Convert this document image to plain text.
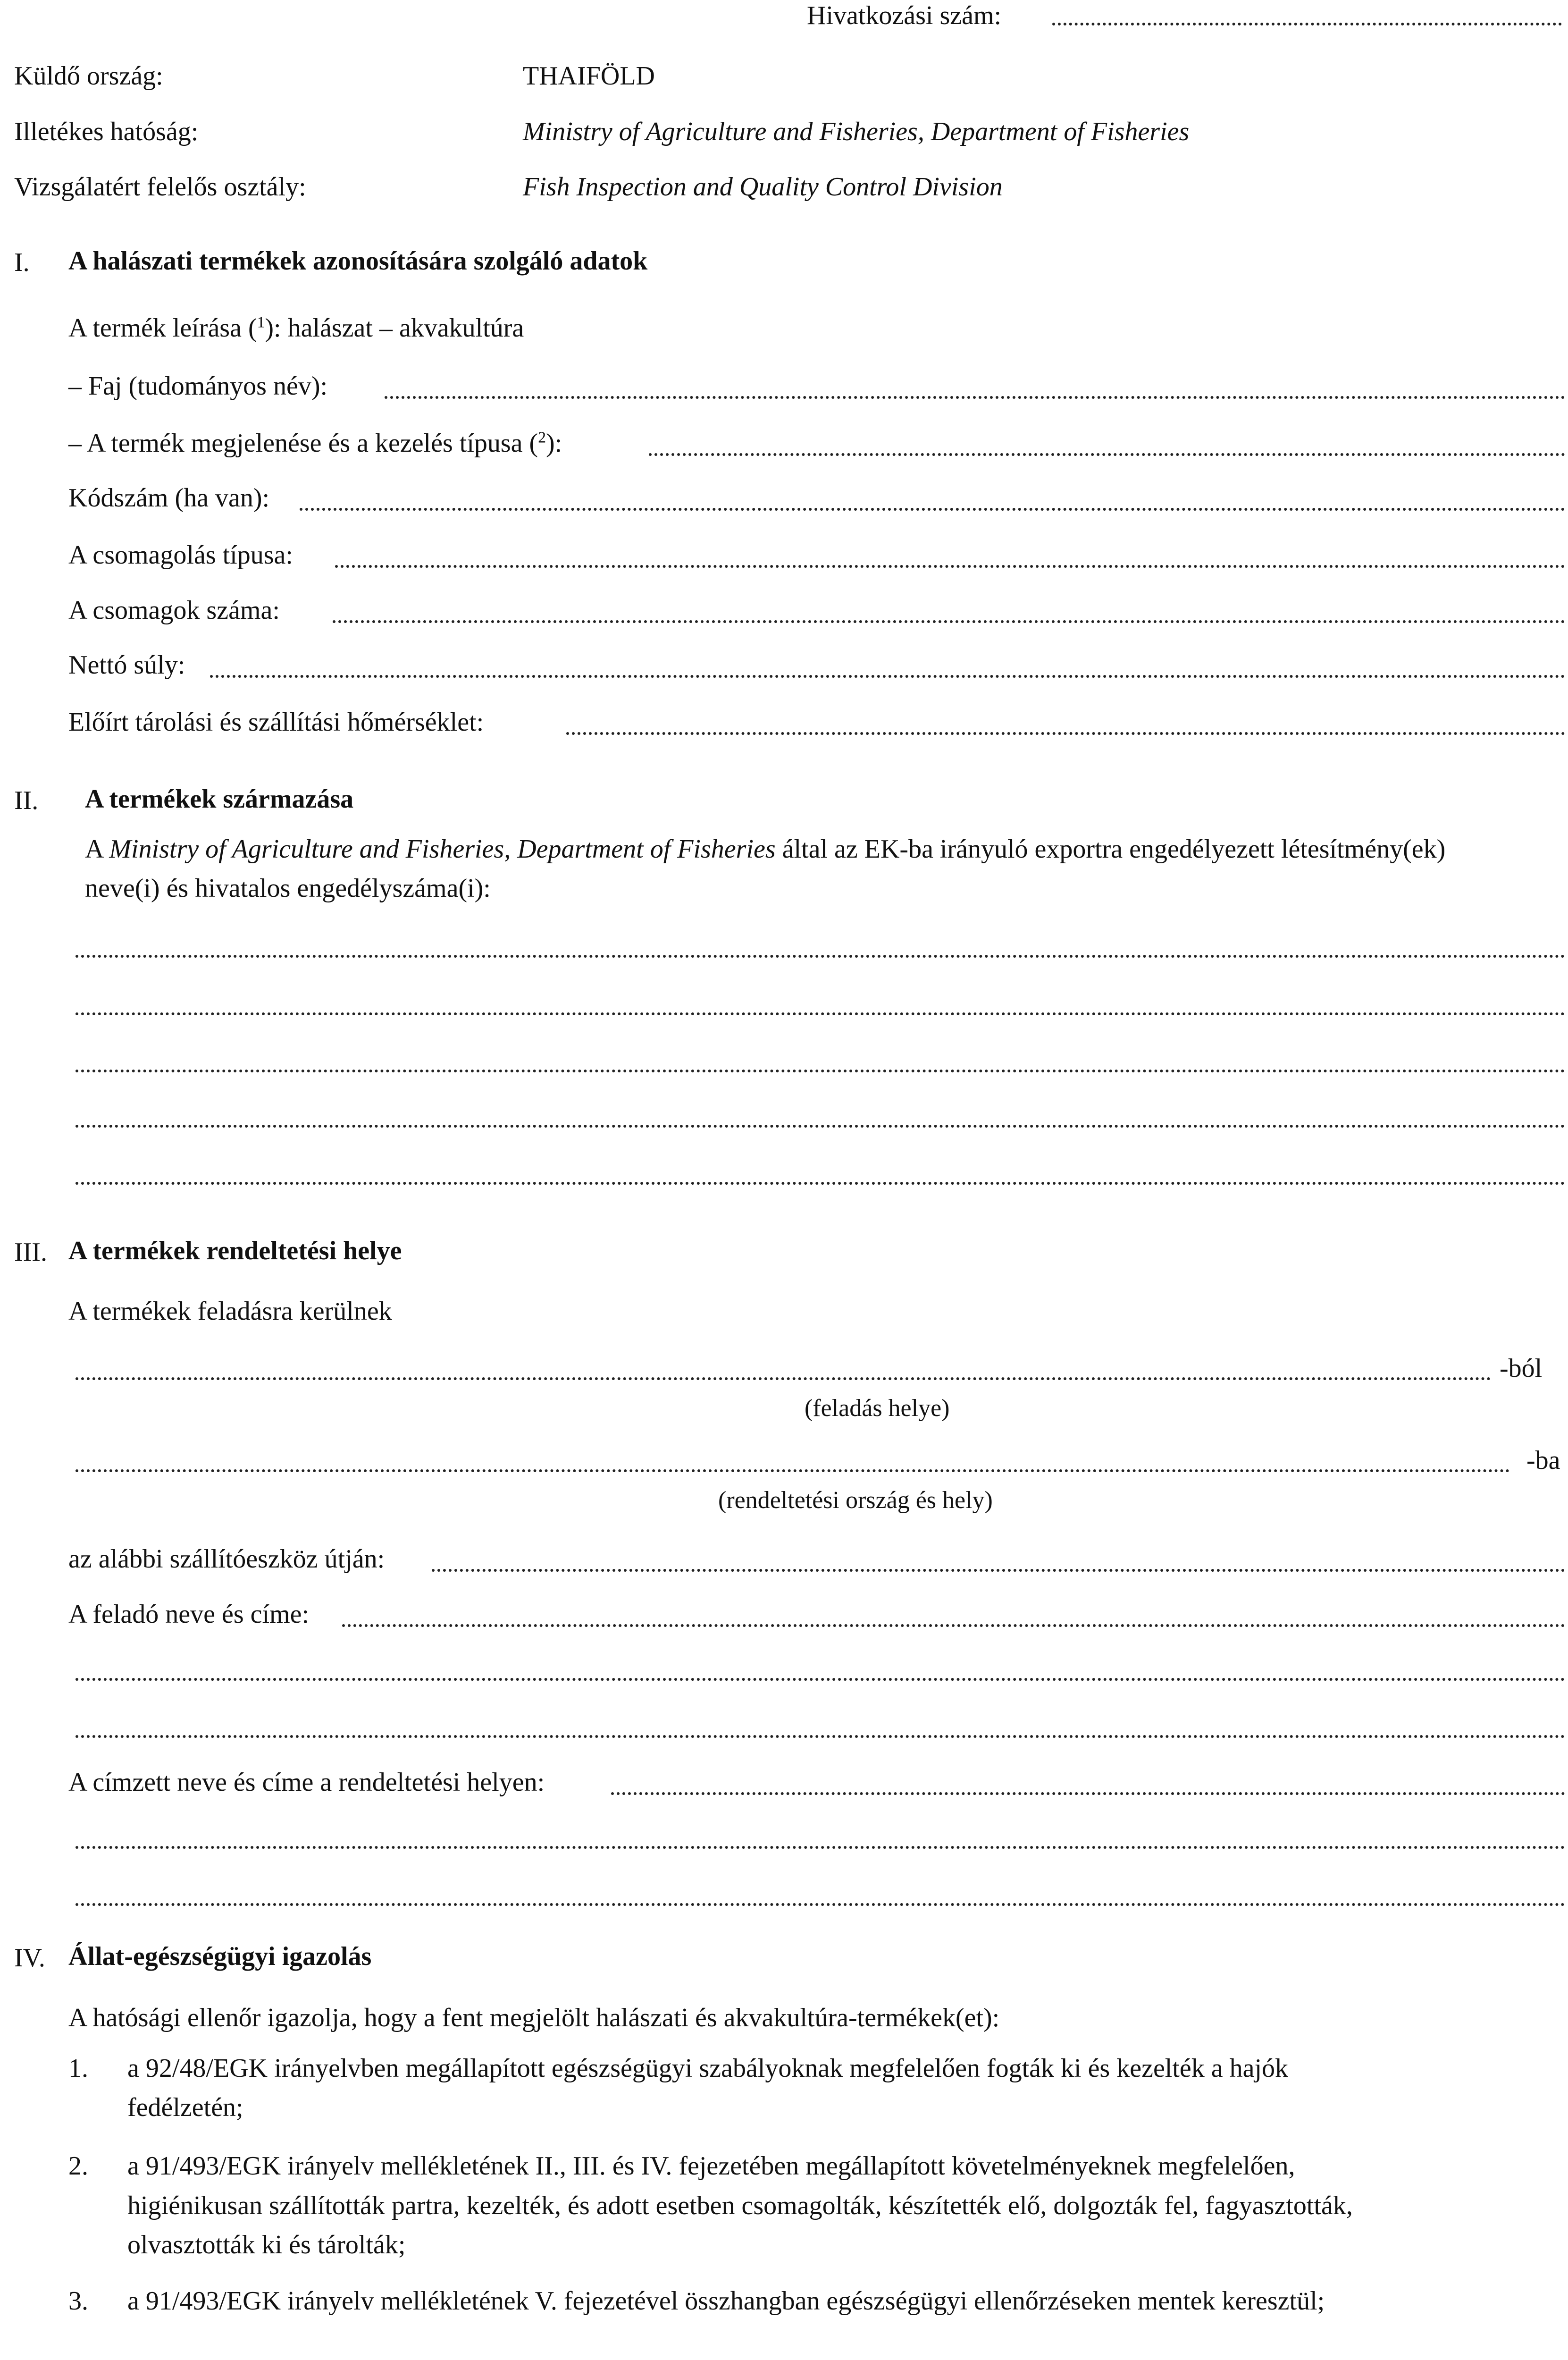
Hivatkozási szám:
Küldő ország:	THAIFÖLD
Illetékes hatóság:	Ministry of Agriculture and Fisheries, Department of Fisheries
Vizsgálatért felelős osztály:	Fish Inspection and Quality Control Division
I. A halászati termékek azonosítására szolgáló adatok
A termék leírása ($^1$): halászat – akvakultúra
– Faj (tudományos név):
– A termék megjelenése és a kezelés típusa ($^2$):
Kódszám (ha van):
A csomagolás típusa:
A csomagok száma:
Nettó súly:
Előírt tárolási és szállítási hőmérséklet:
II. A termékek származása
A Ministry of Agriculture and Fisheries, Department of Fisheries által az EK-ba irányuló exportra engedélyezett létesítmény(ek)
neve(i) és hivatalos engedélyszáma(i):
III. A termékek rendeltetési helye
A termékek feladásra kerülnek
-ból
(feladás helye)
-ba
(rendeltetési ország és hely)
az alábbi szállítóeszköz útján:
A feladó neve és címe:
A címzett neve és címe a rendeltetési helyen:
IV. Állat-egészségügyi igazolás
A hatósági ellenőr igazolja, hogy a fent megjelölt halászati és akvakultúra-termékek(et):
1. a 92/48/EGK irányelvben megállapított egészségügyi szabályoknak megfelelően fogták ki és kezelték a hajók
fedélzetén;
2. a 91/493/EGK irányelv mellékletének II., III. és IV. fejezetében megállapított követelményeknek megfelelően,
higiénikusan szállították partra, kezelték, és adott esetben csomagolták, készítették elő, dolgozták fel, fagyasztották,
olvasztották ki és tárolták;
3. a 91/493/EGK irányelv mellékletének V. fejezetével összhangban egészségügyi ellenőrzéseken mentek keresztül;
